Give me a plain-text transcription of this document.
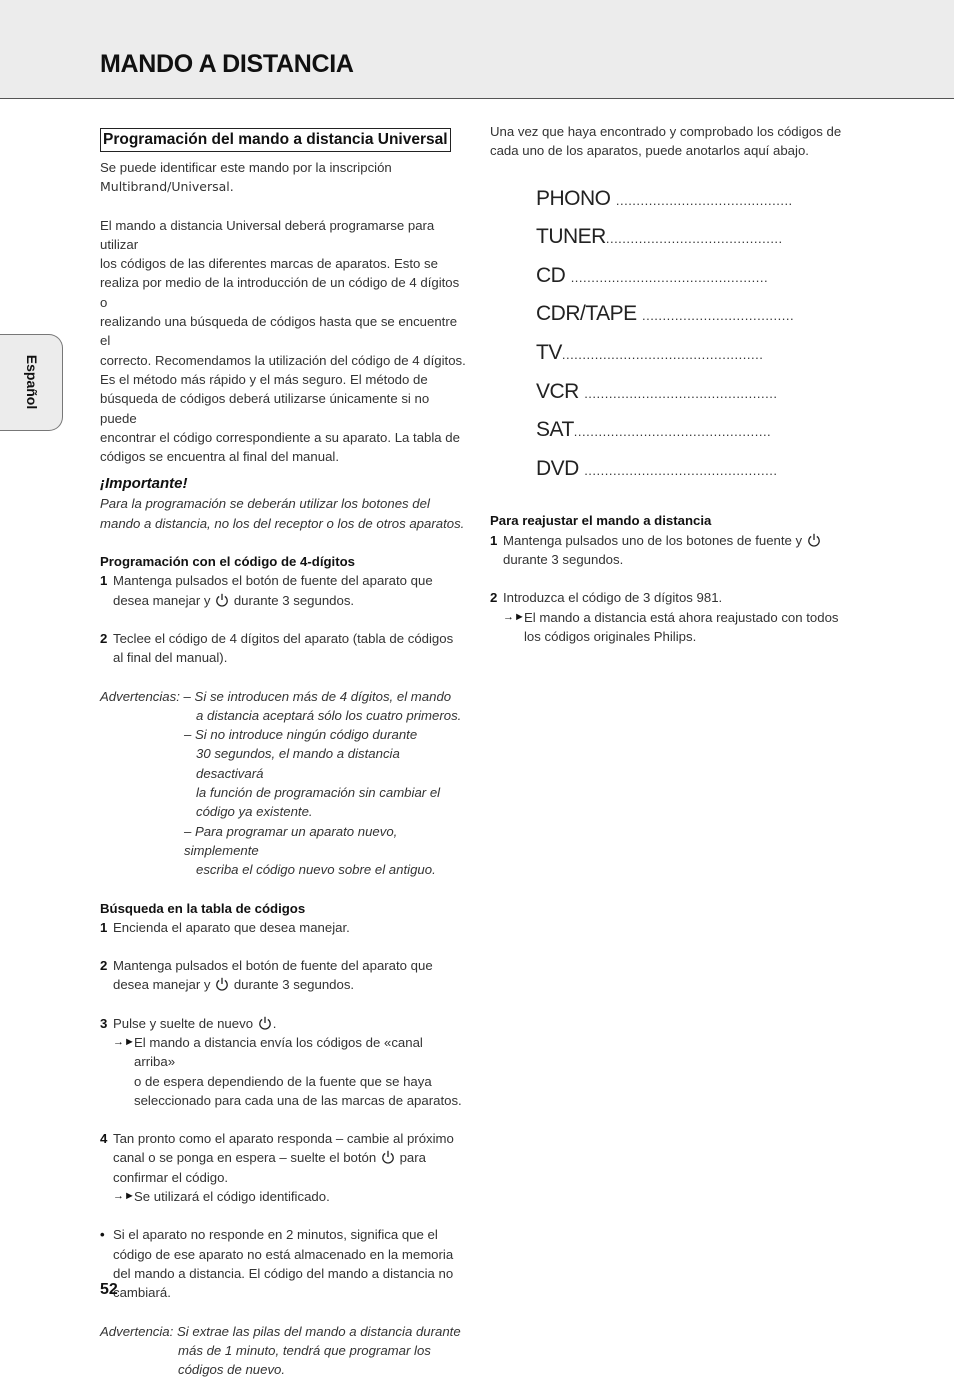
MANDO A DISTANCIA
Español
Programación del mando a distancia Universal

Se puede identificar este mando por la inscripción

Multibrand/Universal.

El mando a distancia Universal deberá programarse para utilizar

los códigos de las diferentes marcas de aparatos. Esto se

realiza por medio de la introducción de un código de 4 dígitos o

realizando una búsqueda de códigos hasta que se encuentre el

correcto. Recomendamos la utilización del código de 4 dígitos.

Es el método más rápido y el más seguro. El método de

búsqueda de códigos deberá utilizarse únicamente si no puede

encontrar el código correspondiente a su aparato. La tabla de

códigos se encuentra al final del manual.

¡Importante!

Para la programación se deberán utilizar los botones del

mando a distancia, no los del receptor o los de otros aparatos.

Programación con el código de 4-dígitos

1 Mantenga pulsados el botón de fuente del aparato que

desea manejar y durante 3 segundos.

2 Teclee el código de 4 dígitos del aparato (tabla de códigos

al final del manual).

Advertencias: – Si se introducen más de 4 dígitos, el mando

a distancia aceptará sólo los cuatro primeros.

– Si no introduce ningún código durante

30 segundos, el mando a distancia desactivará

la función de programación sin cambiar el

código ya existente.

– Para programar un aparato nuevo, simplemente

escriba el código nuevo sobre el antiguo.

Búsqueda en la tabla de códigos

1 Encienda el aparato que desea manejar.

2 Mantenga pulsados el botón de fuente del aparato que

desea manejar y durante 3 segundos.

3 Pulse y suelte de nuevo .

→► El mando a distancia envía los códigos de «canal arriba»

o de espera dependiendo de la fuente que se haya

seleccionado para cada una de las marcas de aparatos.

4 Tan pronto como el aparato responda – cambie al próximo

canal o se ponga en espera – suelte el botón para

confirmar el código.

→► Se utilizará el código identificado.

• Si el aparato no responde en 2 minutos, significa que el

código de ese aparato no está almacenado en la memoria

del mando a distancia. El código del mando a distancia no

cambiará.

Advertencia: Si extrae las pilas del mando a distancia durante

más de 1 minuto, tendrá que programar los

códigos de nuevo.

Una vez que haya encontrado y comprobado los códigos de

cada uno de los aparatos, puede anotarlos aquí abajo.

PHONO ...........................................
TUNER...........................................
CD ................................................
CDR/TAPE .....................................
TV.................................................
VCR ...............................................
SAT................................................
DVD ...............................................

Para reajustar el mando a distancia

1 Mantenga pulsados uno de los botones de fuente y

durante 3 segundos.

2 Introduzca el código de 3 dígitos 981.

→► El mando a distancia está ahora reajustado con todos

los códigos originales Philips.

52
